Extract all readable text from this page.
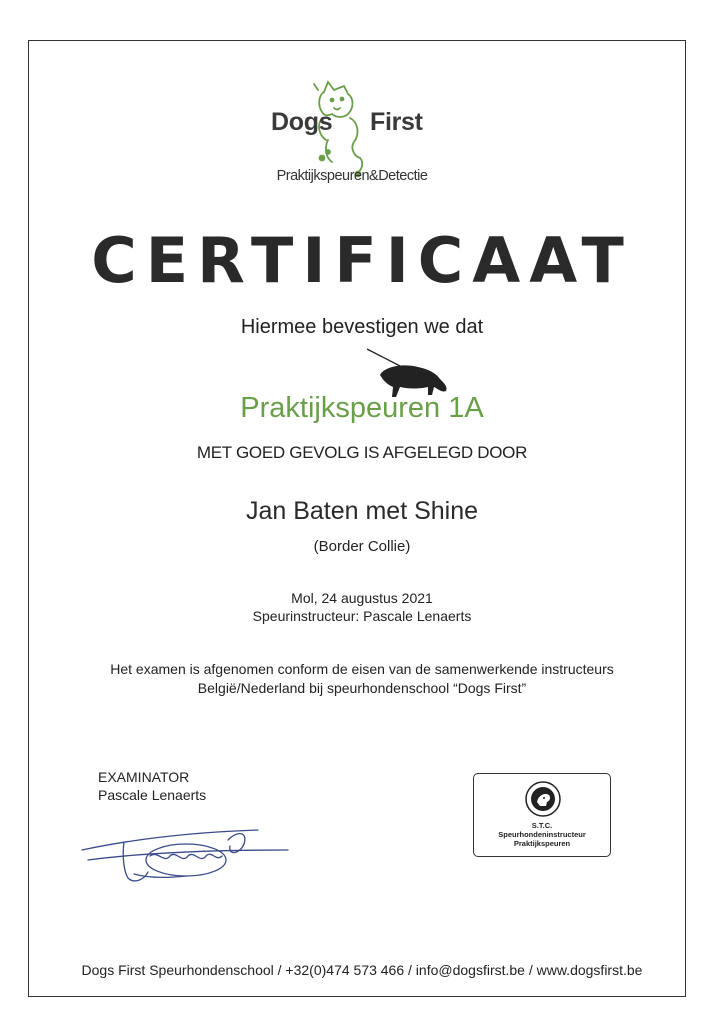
Dogs First
Praktijkspeuren&Detectie
CERTIFICAAT
Hiermee bevestigen we dat
Praktijkspeuren 1A
MET GOED GEVOLG IS AFGELEGD DOOR
Jan Baten met Shine
(Border Collie)
Mol, 24 augustus 2021
Speurinstructeur: Pascale Lenaerts
Het examen is afgenomen conform de eisen van de samenwerkende instructeurs
België/Nederland bij speurhondenschool “Dogs First”
EXAMINATOR
Pascale Lenaerts
S.T.C.
Speurhondeninstructeur
Praktijkspeuren
Dogs First Speurhondenschool / +32(0)474 573 466 / info@dogsfirst.be / www.dogsfirst.be
